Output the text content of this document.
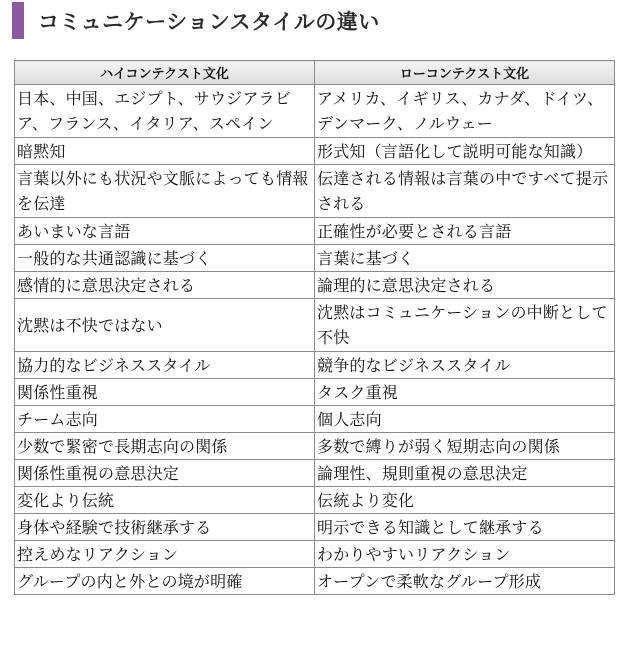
コミュニケーションスタイルの違い
ハイコンテクスト文化	ローコンテクスト文化
日本、中国、エジプト、サウジアラビア、フランス、イタリア、スペイン	アメリカ、イギリス、カナダ、ドイツ、デンマーク、ノルウェー
暗黙知	形式知（言語化して説明可能な知識）
言葉以外にも状況や文脈によっても情報を伝達	伝達される情報は言葉の中ですべて提示される
あいまいな言語	正確性が必要とされる言語
一般的な共通認識に基づく	言葉に基づく
感情的に意思決定される	論理的に意思決定される
沈黙は不快ではない	沈黙はコミュニケーションの中断として不快
協力的なビジネススタイル	競争的なビジネススタイル
関係性重視	タスク重視
チーム志向	個人志向
少数で緊密で長期志向の関係	多数で縛りが弱く短期志向の関係
関係性重視の意思決定	論理性、規則重視の意思決定
変化より伝統	伝統より変化
身体や経験で技術継承する	明示できる知識として継承する
控えめなリアクション	わかりやすいリアクション
グループの内と外との境が明確	オープンで柔軟なグループ形成
